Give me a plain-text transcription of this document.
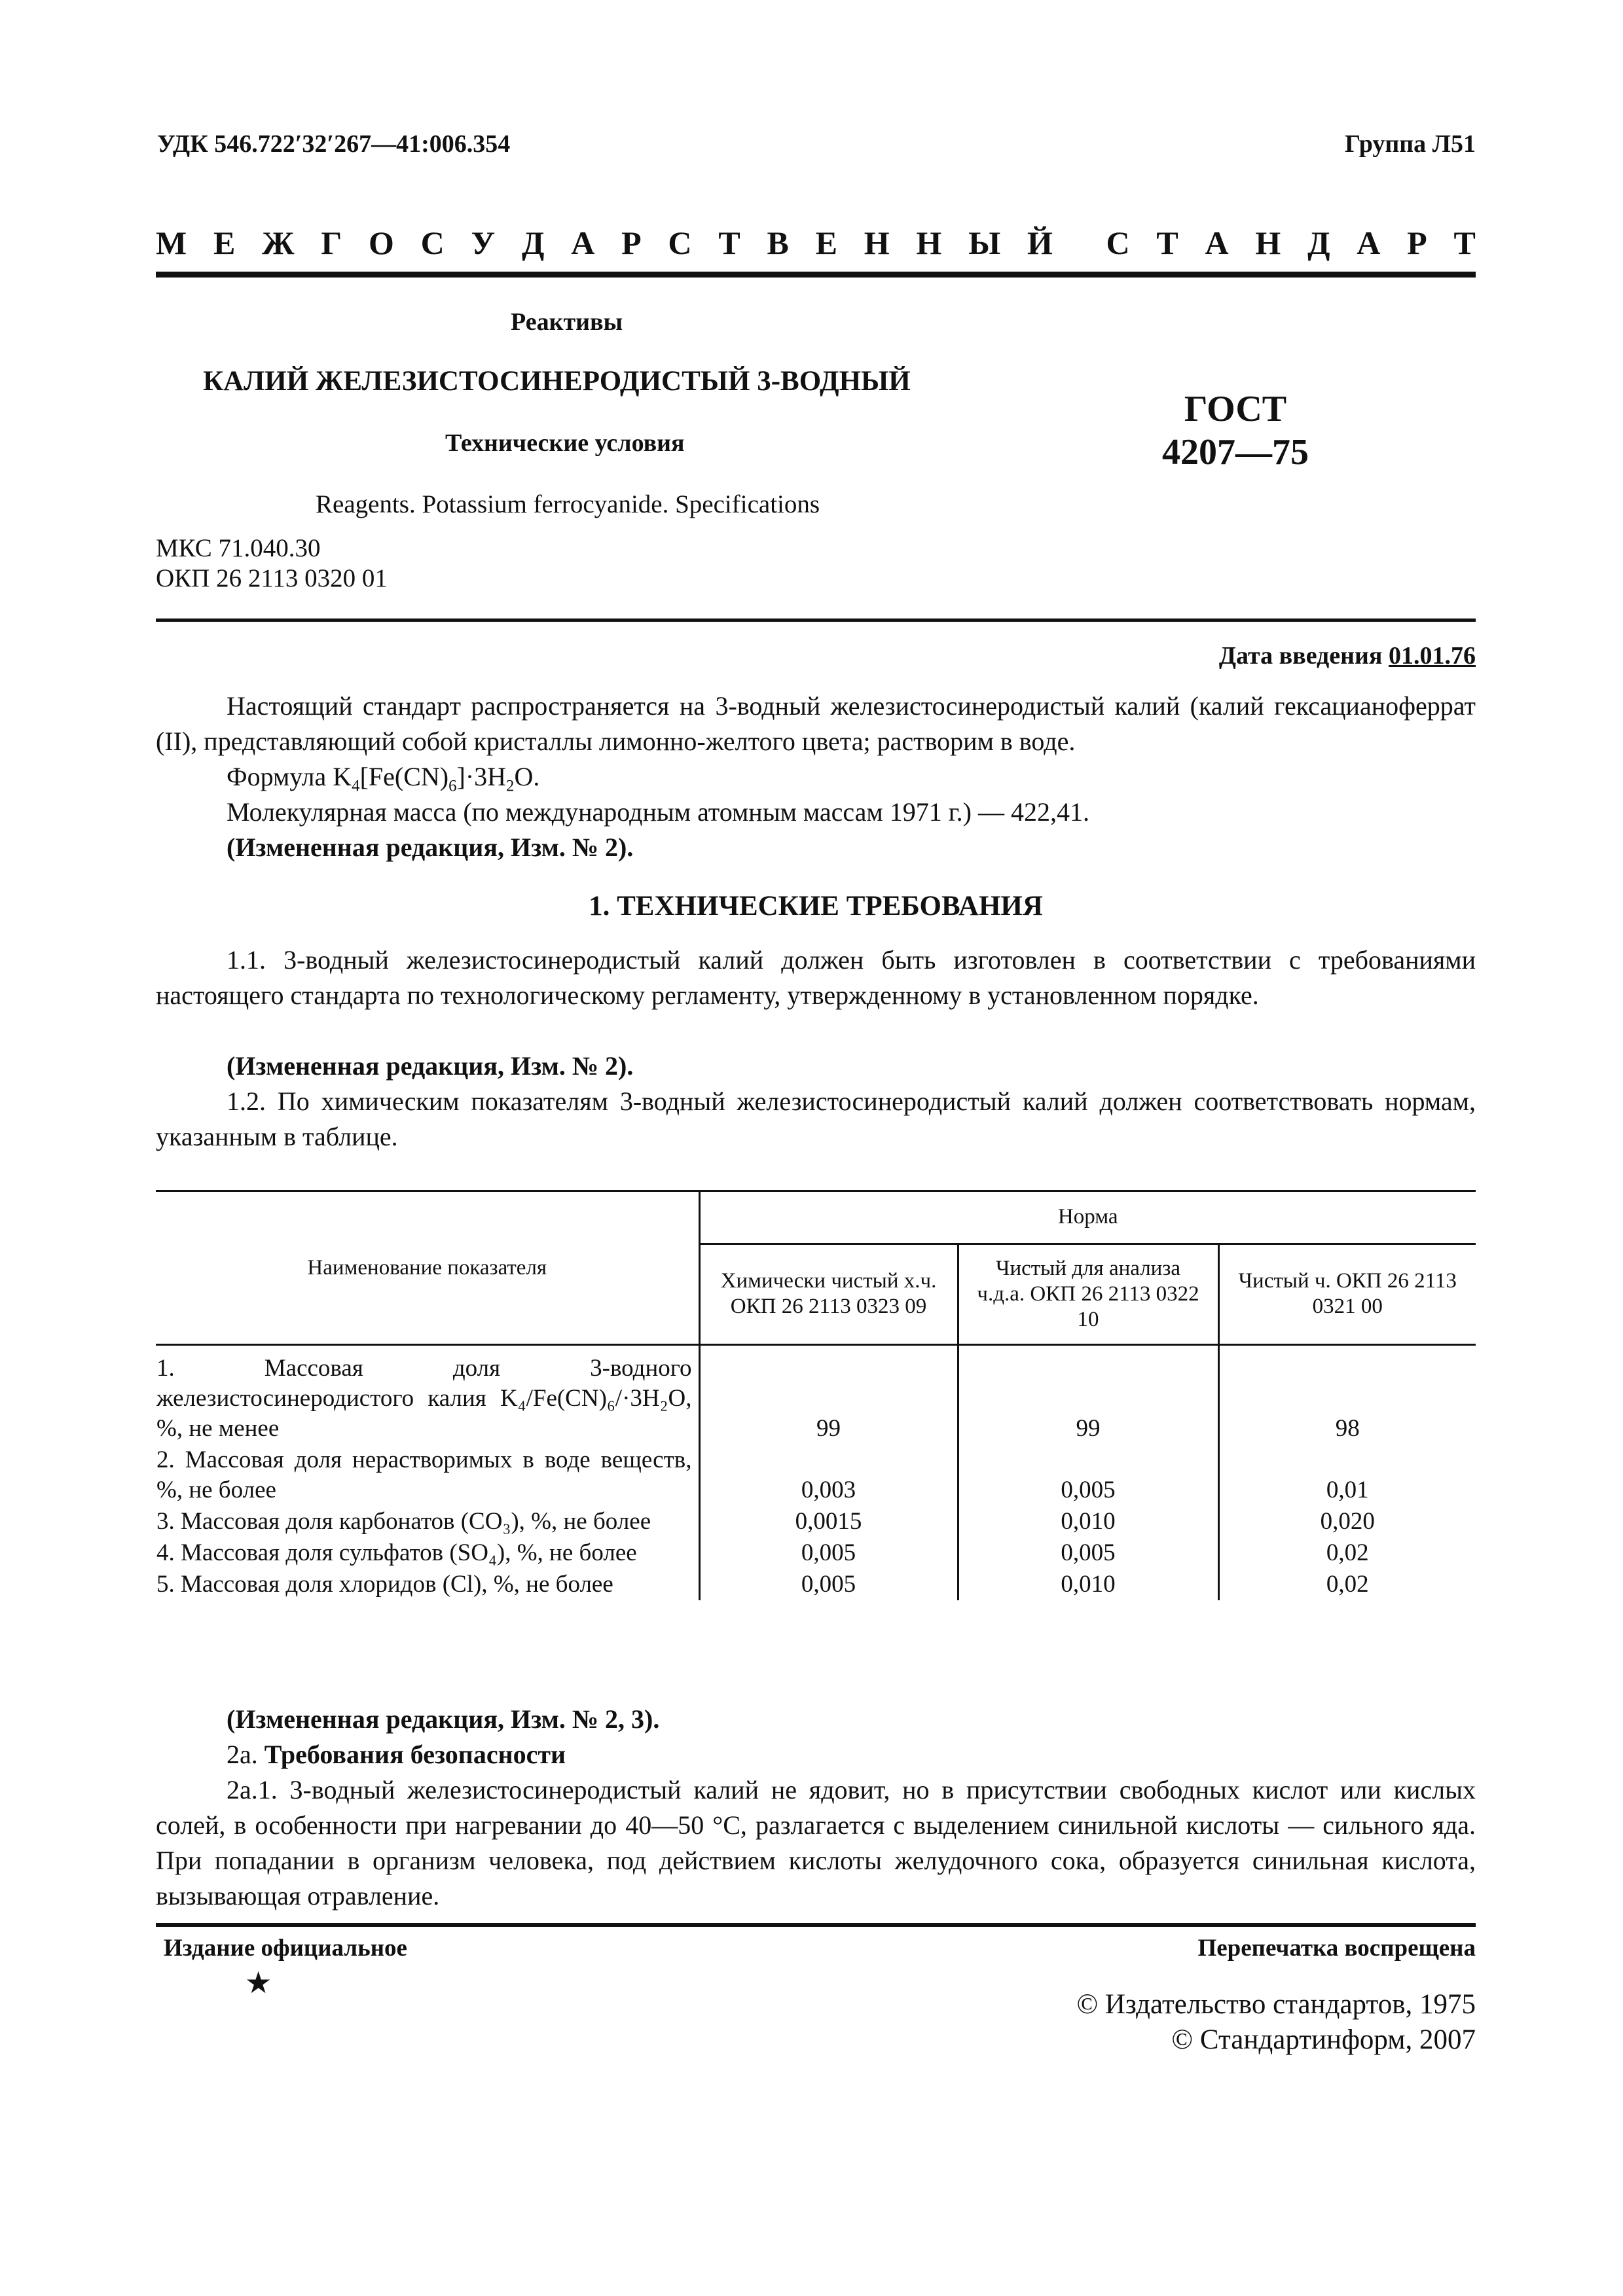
УДК 546.722′32′267—41:006.354	Группа Л51
М Е Ж Г О С У Д А Р С Т В Е Н Н Ы Й С Т А Н Д А Р Т
Реактивы
КАЛИЙ ЖЕЛЕЗИСТОСИНЕРОДИСТЫЙ 3-ВОДНЫЙ
Технические условия
ГОСТ
4207—75
Reagents. Potassium ferrocyanide. Specifications
МКС 71.040.30
ОКП 26 2113 0320 01
Дата введения 01.01.76
Настоящий стандарт распространяется на 3-водный железистосинеродистый калий (калий гексацианоферрат (II), представляющий собой кристаллы лимонно-желтого цвета; растворим в воде.
Формула $K_4[Fe(CN)_6]\cdot 3H_2O$.
Молекулярная масса (по международным атомным массам 1971 г.) — 422,41.
(Измененная редакция, Изм. № 2).
1. ТЕХНИЧЕСКИЕ ТРЕБОВАНИЯ
1.1. 3-водный железистосинеродистый калий должен быть изготовлен в соответствии с требованиями настоящего стандарта по технологическому регламенту, утвержденному в установленном порядке.
(Измененная редакция, Изм. № 2).
1.2. По химическим показателям 3-водный железистосинеродистый калий должен соответствовать нормам, указанным в таблице.
Наименование показателя	Норма		
	Химически чистый х.ч. ОКП 26 2113 0323 09	Чистый для анализа ч.д.а. ОКП 26 2113 0322 10	Чистый ч. ОКП 26 2113 0321 00
1. Массовая доля 3-водного железистосинеродистого калия K₄/Fe(CN)₆/·3H₂O, %, не менее	99	99	98
2. Массовая доля нерастворимых в воде веществ, %, не более	0,003	0,005	0,01
3. Массовая доля карбонатов (CO₃), %, не более	0,0015	0,010	0,020
4. Массовая доля сульфатов (SO₄), %, не более	0,005	0,005	0,02
5. Массовая доля хлоридов (Cl), %, не более	0,005	0,010	0,02
(Измененная редакция, Изм. № 2, 3).
2а. Требования безопасности
2а.1. 3-водный железистосинеродистый калий не ядовит, но в присутствии свободных кислот или кислых солей, в особенности при нагревании до 40—50 °С, разлагается с выделением синильной кислоты — сильного яда. При попадании в организм человека, под действием кислоты желудочного сока, образуется синильная кислота, вызывающая отравление.
Издание официальное	Перепечатка воспрещена
★
© Издательство стандартов, 1975
© Стандартинформ, 2007
